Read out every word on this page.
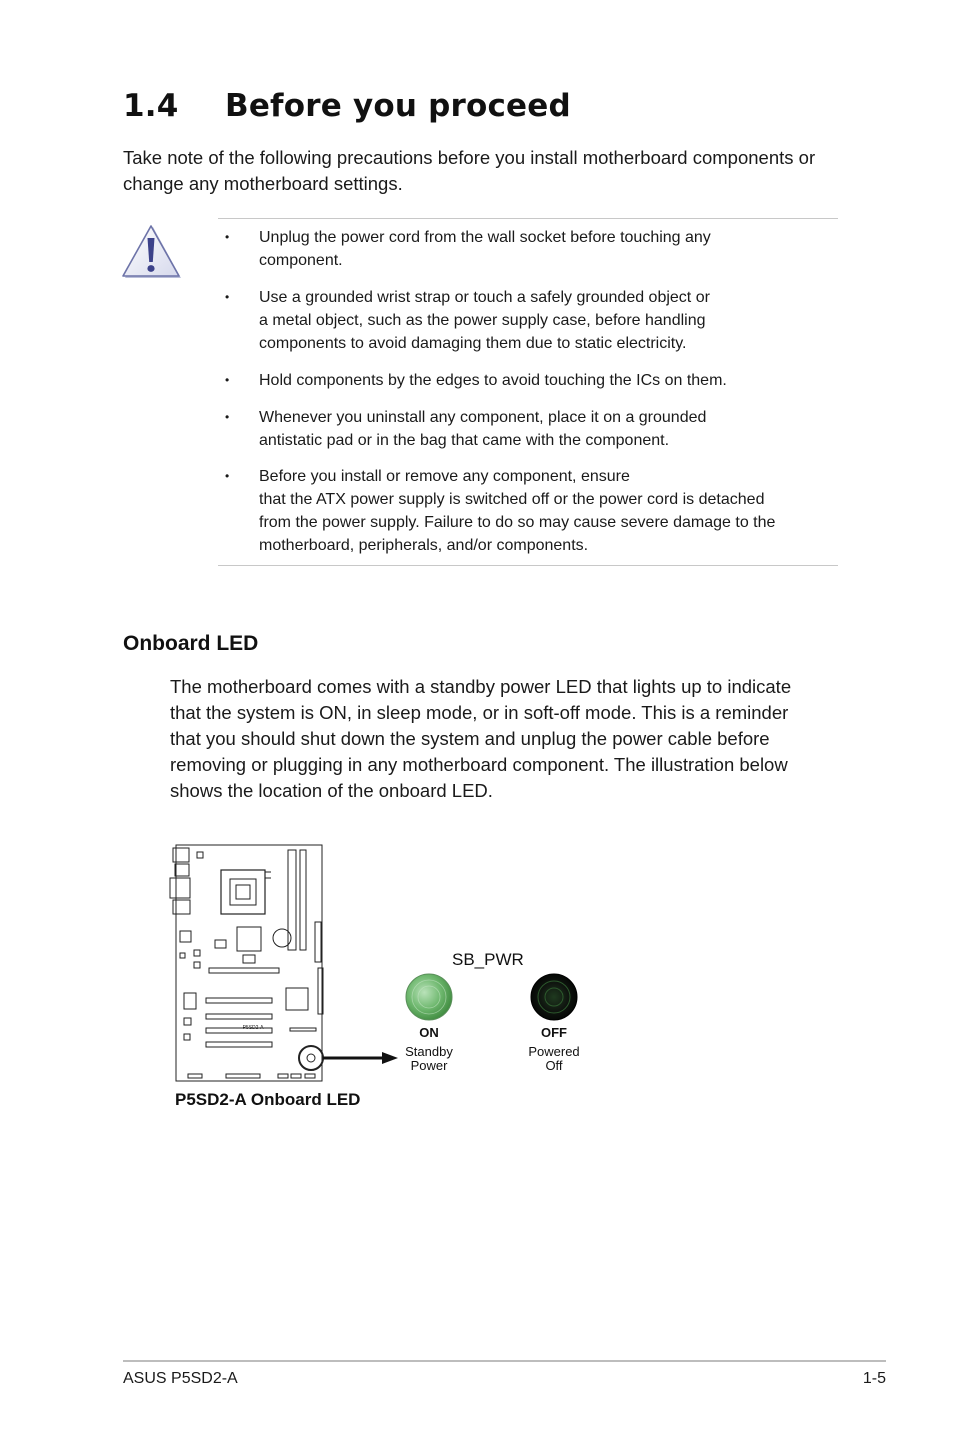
1.4	Before you proceed

Take note of the following precautions before you install motherboard components or change any motherboard settings.

• Unplug the power cord from the wall socket before touching any
component.
• Use a grounded wrist strap or touch a safely grounded object or
a metal object, such as the power supply case, before handling
components to avoid damaging them due to static electricity.
• Hold components by the edges to avoid touching the ICs on them.
• Whenever you uninstall any component, place it on a grounded
antistatic pad or in the bag that came with the component.
• Before you install or remove any component, ensure
that the ATX power supply is switched off or the power cord is detached
from the power supply. Failure to do so may cause severe damage to the
motherboard, peripherals, and/or components.
Onboard LED

The motherboard comes with a standby power LED that lights up to indicate
that the system is ON, in sleep mode, or in soft-off mode. This is a reminder
that you should shut down the system and unplug the power cable before
removing or plugging in any motherboard component. The illustration below
shows the location of the onboard LED.

P5SD2-A
SB_PWR
ON
Standby
Power
OFF
Powered
Off
P5SD2-A Onboard LED
ASUS P5SD2-A	1-5
